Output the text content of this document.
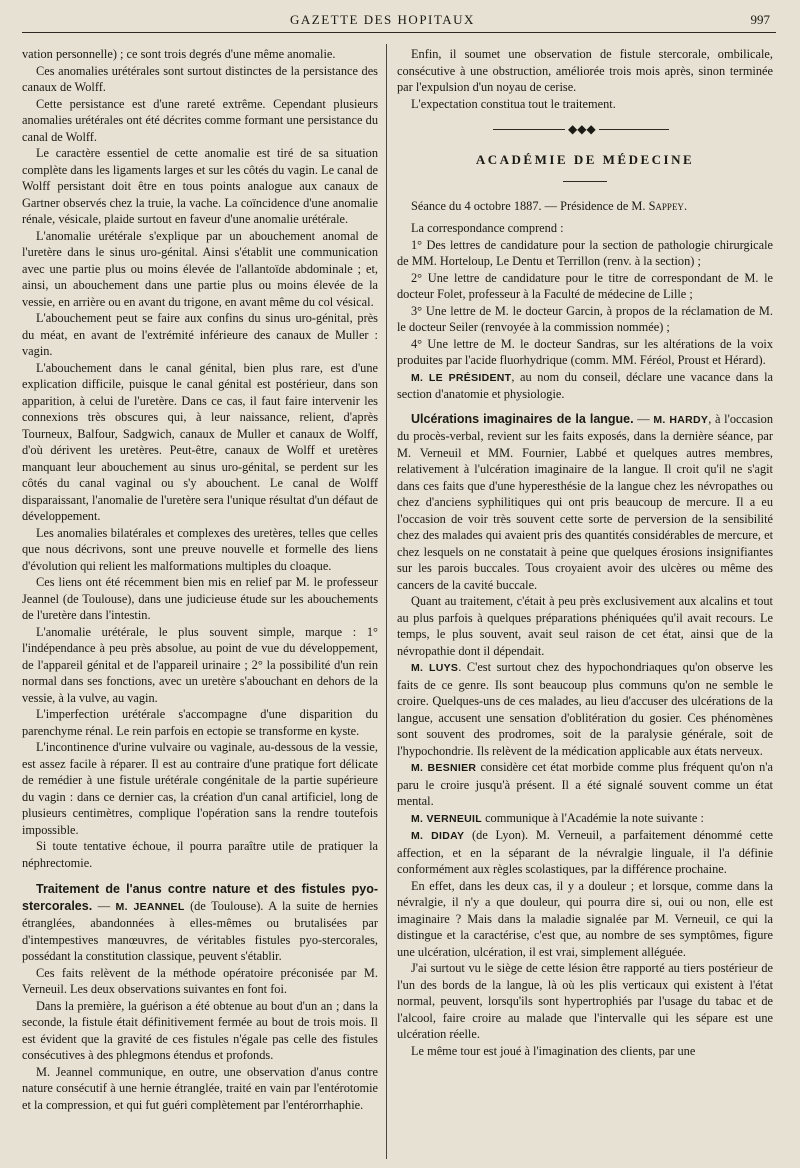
GAZETTE DES HOPITAUX	997

vation personnelle) ; ce sont trois degrés d'une même anomalie.

Ces anomalies urétérales sont surtout distinctes de la persistance des canaux de Wolff.

Cette persistance est d'une rareté extrême. Cependant plusieurs anomalies urétérales ont été décrites comme formant une persistance du canal de Wolff.

Le caractère essentiel de cette anomalie est tiré de sa situation complète dans les ligaments larges et sur les côtés du vagin. Le canal de Wolff persistant doit être en tous points analogue aux canaux de Gartner observés chez la truie, la vache. La coïncidence d'une anomalie rénale, vésicale, plaide surtout en faveur d'une anomalie urétérale.

L'anomalie urétérale s'explique par un abouchement anomal de l'uretère dans le sinus uro-génital. Ainsi s'établit une communication avec une partie plus ou moins élevée de l'allantoïde abdominale ; et, ainsi, un abouchement dans une partie plus ou moins élevée de la vessie, en arrière ou en avant du trigone, en avant même du col vésical.

L'abouchement peut se faire aux confins du sinus uro-génital, près du méat, en avant de l'extrémité inférieure des canaux de Muller : vagin.

L'abouchement dans le canal génital, bien plus rare, est d'une explication difficile, puisque le canal génital est postérieur, dans son apparition, à celui de l'uretère. Dans ce cas, il faut faire intervenir les connexions très obscures qui, à leur naissance, relient, d'après Tourneux, Balfour, Sadgwich, canaux de Muller et canaux de Wolff, d'où dérivent les uretères. Peut-être, canaux de Wolff et uretères manquant leur abouchement au sinus uro-génital, se perdent sur les côtés du canal vaginal ou s'y abouchent. Le canal de Wolff disparaissant, l'anomalie de l'uretère sera l'unique résultat d'un défaut de développement.

Les anomalies bilatérales et complexes des uretères, telles que celles que nous décrivons, sont une preuve nouvelle et formelle des liens d'évolution qui relient les malformations multiples du cloaque.

Ces liens ont été récemment bien mis en relief par M. le professeur Jeannel (de Toulouse), dans une judicieuse étude sur les abouchements de l'uretère dans l'intestin.

L'anomalie urétérale, le plus souvent simple, marque : 1° l'indépendance à peu près absolue, au point de vue du développement, de l'appareil génital et de l'appareil urinaire ; 2° la possibilité d'un rein normal dans ses fonctions, avec un uretère s'abouchant en dehors de la vessie, à la vulve, au vagin.

L'imperfection urétérale s'accompagne d'une disparition du parenchyme rénal. Le rein parfois en ectopie se transforme en kyste.

L'incontinence d'urine vulvaire ou vaginale, au-dessous de la vessie, est assez facile à réparer. Il est au contraire d'une pratique fort délicate de remédier à une fistule urétérale congénitale de la partie supérieure du vagin : dans ce dernier cas, la création d'un canal artificiel, long de plusieurs centimètres, complique l'opération sans la rendre toutefois impossible.

Si toute tentative échoue, il pourra paraître utile de pratiquer la néphrectomie.

Traitement de l'anus contre nature et des fistules pyo-stercorales. — M. JEANNEL (de Toulouse). A la suite de hernies étranglées, abandonnées à elles-mêmes ou brutalisées par d'intempestives manœuvres, de véritables fistules pyo-stercorales, possédant la constitution classique, peuvent s'établir.

Ces faits relèvent de la méthode opératoire préconisée par M. Verneuil. Les deux observations suivantes en font foi.

Dans la première, la guérison a été obtenue au bout d'un an ; dans la seconde, la fistule était définitivement fermée au bout de trois mois. Il est évident que la gravité de ces fistules n'égale pas celle des fistules consécutives à des phlegmons étendus et profonds.

M. Jeannel communique, en outre, une observation d'anus contre nature consécutif à une hernie étranglée, traité en vain par l'entérotomie et la compression, et qui fut guéri complètement par l'entérorrhaphie.

Enfin, il soumet une observation de fistule stercorale, ombilicale, consécutive à une obstruction, améliorée trois mois après, sinon terminée par l'expulsion d'un noyau de cerise.

L'expectation constitua tout le traitement.

◆◆◆
ACADÉMIE DE MÉDECINE

Séance du 4 octobre 1887. — Présidence de M. Sappey.

La correspondance comprend :

1° Des lettres de candidature pour la section de pathologie chirurgicale de MM. Horteloup, Le Dentu et Terrillon (renv. à la section) ;

2° Une lettre de candidature pour le titre de correspondant de M. le docteur Folet, professeur à la Faculté de médecine de Lille ;

3° Une lettre de M. le docteur Garcin, à propos de la réclamation de M. le docteur Seiler (renvoyée à la commission nommée) ;

4° Une lettre de M. le docteur Sandras, sur les altérations de la voix produites par l'acide fluorhydrique (comm. MM. Féréol, Proust et Hérard).

M. LE PRÉSIDENT, au nom du conseil, déclare une vacance dans la section d'anatomie et physiologie.

Ulcérations imaginaires de la langue. — M. HARDY, à l'occasion du procès-verbal, revient sur les faits exposés, dans la dernière séance, par M. Verneuil et MM. Fournier, Labbé et quelques autres membres, relativement à l'ulcération imaginaire de la langue. Il croit qu'il ne s'agit dans ces faits que d'une hyperesthésie de la langue chez les névropathes ou chez d'anciens syphilitiques qui ont pris beaucoup de mercure. Il a eu l'occasion de voir très souvent cette sorte de perversion de la sensibilité chez des malades qui avaient pris des quantités considérables de mercure, et chez lesquels on ne constatait à peine que quelques érosions insignifiantes sur les parois buccales. Tous croyaient avoir des ulcères ou même des cancers de la cavité buccale.

Quant au traitement, c'était à peu près exclusivement aux alcalins et tout au plus parfois à quelques préparations phéniquées qu'il avait recours. Le temps, le plus souvent, avait seul raison de cet état, ainsi que de la névropathie dont il dépendait.

M. LUYS. C'est surtout chez des hypochondriaques qu'on observe les faits de ce genre. Ils sont beaucoup plus communs qu'on ne semble le croire. Quelques-uns de ces malades, au lieu d'accuser des ulcérations de la langue, accusent une sensation d'oblitération du gosier. Ces phénomènes sont souvent des prodromes, soit de la paralysie générale, soit de l'hypochondrie. Ils relèvent de la médication applicable aux états nerveux.

M. BESNIER considère cet état morbide comme plus fréquent qu'on n'a paru le croire jusqu'à présent. Il a été signalé souvent comme un état mental.

M. VERNEUIL communique à l'Académie la note suivante :

M. DIDAY (de Lyon). M. Verneuil, a parfaitement dénommé cette affection, et en la séparant de la névralgie linguale, il l'a définie conformément aux règles scolastiques, par la différence prochaine.

En effet, dans les deux cas, il y a douleur ; et lorsque, comme dans la névralgie, il n'y a que douleur, qui pourra dire si, oui ou non, elle est imaginaire ? Mais dans la maladie signalée par M. Verneuil, ce qui la distingue et la caractérise, c'est que, au nombre de ses symptômes, figure une ulcération, ulcération, il est vrai, simplement alléguée.

J'ai surtout vu le siège de cette lésion être rapporté au tiers postérieur de l'un des bords de la langue, là où les plis verticaux qui existent à l'état normal, peuvent, lorsqu'ils sont hypertrophiés par l'usage du tabac et de l'alcool, faire croire au malade que l'intervalle qui les sépare est une ulcération réelle.

Le même tour est joué à l'imagination des clients, par une
